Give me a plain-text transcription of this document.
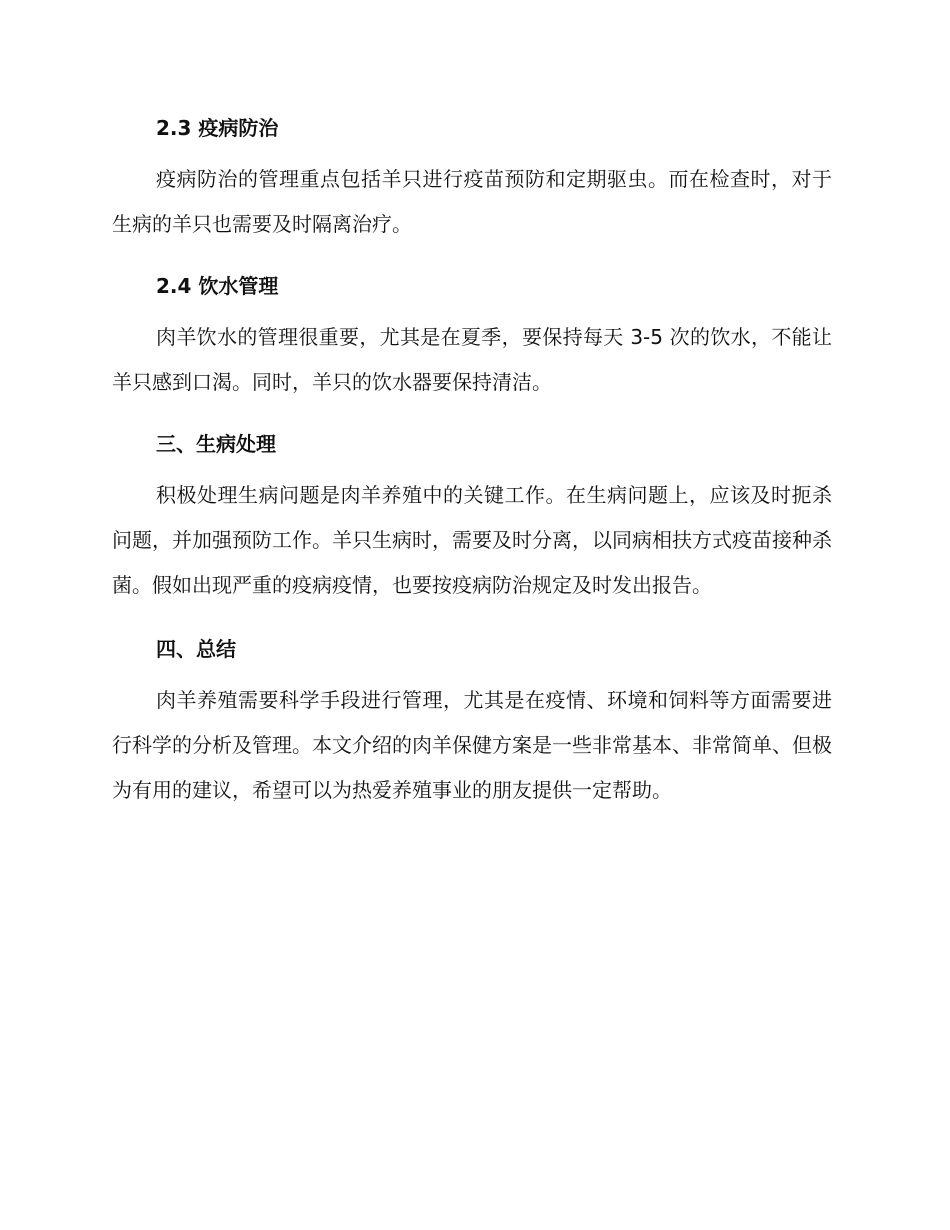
2.3 疫病防治

疫病防治的管理重点包括羊只进行疫苗预防和定期驱虫。而在检查时，对于生病的羊只也需要及时隔离治疗。

2.4 饮水管理

肉羊饮水的管理很重要，尤其是在夏季，要保持每天 3-5 次的饮水，不能让羊只感到口渴。同时，羊只的饮水器要保持清洁。

三、生病处理

积极处理生病问题是肉羊养殖中的关键工作。在生病问题上，应该及时扼杀问题，并加强预防工作。羊只生病时，需要及时分离，以同病相扶方式疫苗接种杀菌。假如出现严重的疫病疫情，也要按疫病防治规定及时发出报告。

四、总结

肉羊养殖需要科学手段进行管理，尤其是在疫情、环境和饲料等方面需要进行科学的分析及管理。本文介绍的肉羊保健方案是一些非常基本、非常简单、但极为有用的建议，希望可以为热爱养殖事业的朋友提供一定帮助。
